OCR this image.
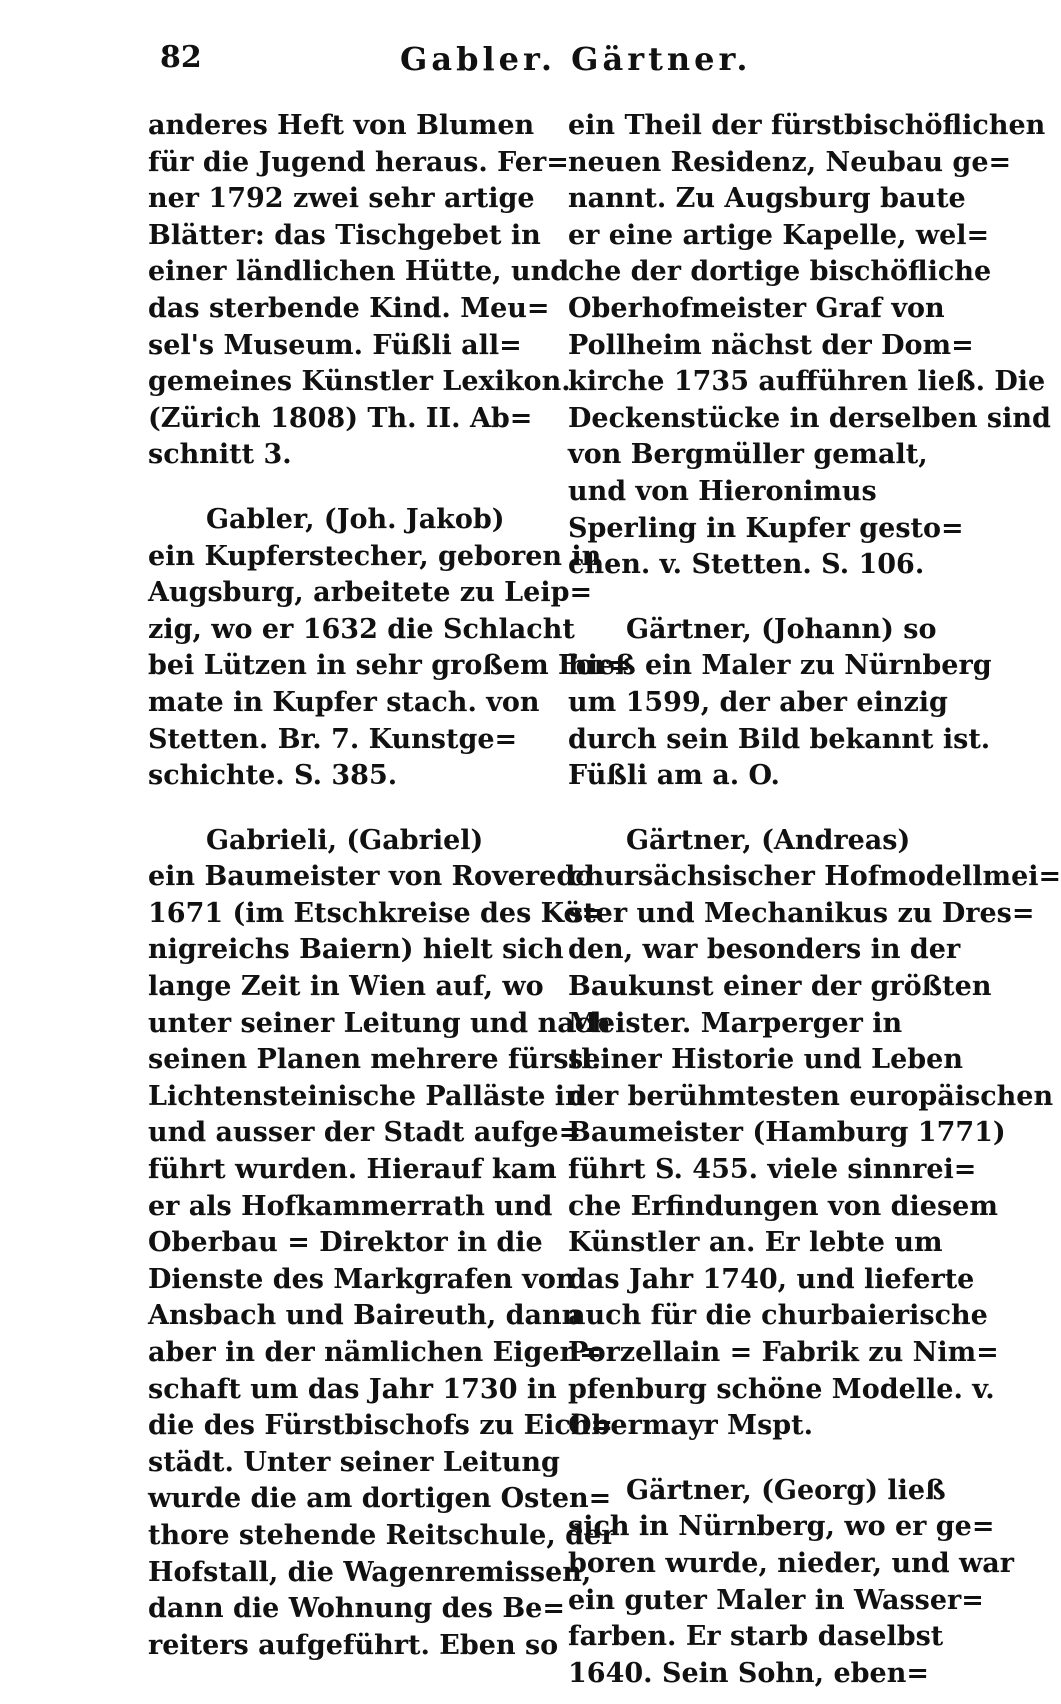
82	Gabler. Gärtner.
anderes Heft von Blumen
für die Jugend heraus. Fer=
ner 1792 zwei sehr artige
Blätter: das Tischgebet in
einer ländlichen Hütte, und
das sterbende Kind. Meu=
sel's Museum. Füßli all=
gemeines Künstler Lexikon.
(Zürich 1808) Th. II. Ab=
schnitt 3.
Gabler, (Joh. Jakob)
ein Kupferstecher, geboren in
Augsburg, arbeitete zu Leip=
zig, wo er 1632 die Schlacht
bei Lützen in sehr großem For=
mate in Kupfer stach. von
Stetten. Br. 7. Kunstge=
schichte. S. 385.
Gabrieli, (Gabriel)
ein Baumeister von Roveredo
1671 (im Etschkreise des Kö=
nigreichs Baiern) hielt sich
lange Zeit in Wien auf, wo
unter seiner Leitung und nach
seinen Planen mehrere fürstl.
Lichtensteinische Palläste in
und ausser der Stadt aufge=
führt wurden. Hierauf kam
er als Hofkammerrath und
Oberbau = Direktor in die
Dienste des Markgrafen von
Ansbach und Baireuth, dann
aber in der nämlichen Eigen=
schaft um das Jahr 1730 in
die des Fürstbischofs zu Eich=
städt. Unter seiner Leitung
wurde die am dortigen Osten=
thore stehende Reitschule, der
Hofstall, die Wagenremissen,
dann die Wohnung des Be=
reiters aufgeführt. Eben so
ein Theil der fürstbischöflichen
neuen Residenz, Neubau ge=
nannt. Zu Augsburg baute
er eine artige Kapelle, wel=
che der dortige bischöfliche
Oberhofmeister Graf von
Pollheim nächst der Dom=
kirche 1735 aufführen ließ. Die
Deckenstücke in derselben sind
von Bergmüller gemalt,
und von Hieronimus
Sperling in Kupfer gesto=
chen. v. Stetten. S. 106.
Gärtner, (Johann) so
hieß ein Maler zu Nürnberg
um 1599, der aber einzig
durch sein Bild bekannt ist.
Füßli am a. O.
Gärtner, (Andreas)
chursächsischer Hofmodellmei=
ster und Mechanikus zu Dres=
den, war besonders in der
Baukunst einer der größten
Meister. Marperger in
seiner Historie und Leben
der berühmtesten europäischen
Baumeister (Hamburg 1771)
führt S. 455. viele sinnrei=
che Erfindungen von diesem
Künstler an. Er lebte um
das Jahr 1740, und lieferte
auch für die churbaierische
Porzellain = Fabrik zu Nim=
pfenburg schöne Modelle. v.
Obermayr Mspt.
Gärtner, (Georg) ließ
sich in Nürnberg, wo er ge=
boren wurde, nieder, und war
ein guter Maler in Wasser=
farben. Er starb daselbst
1640. Sein Sohn, eben=
